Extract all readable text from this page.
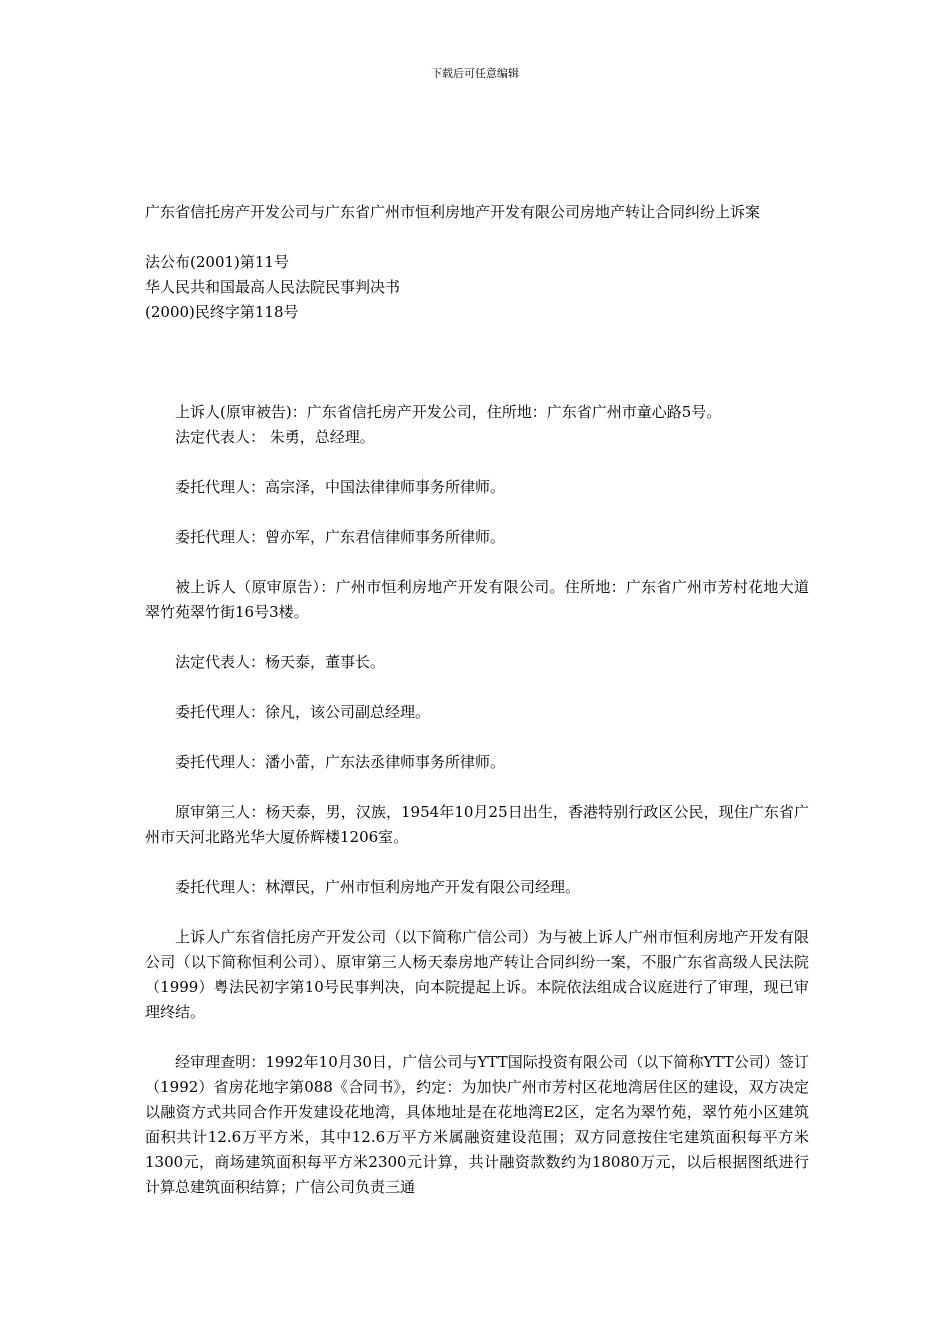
下载后可任意编辑
广东省信托房产开发公司与广东省广州市恒利房地产开发有限公司房地产转让合同纠纷上诉案
法公布(2001)第11号
华人民共和国最高人民法院民事判决书
(2000)民终字第118号

上诉人(原审被告)：广东省信托房产开发公司，住所地：广东省广州市童心路5号。

法定代表人： 朱勇，总经理。

委托代理人：高宗泽，中国法律律师事务所律师。

委托代理人：曾亦军，广东君信律师事务所律师。

被上诉人（原审原告）：广州市恒利房地产开发有限公司。住所地：广东省广州市芳村花地大道翠竹苑翠竹街16号3楼。

法定代表人：杨天泰，董事长。

委托代理人：徐凡，该公司副总经理。

委托代理人：潘小蕾，广东法丞律师事务所律师。

原审第三人：杨天泰，男，汉族，1954年10月25日出生，香港特别行政区公民，现住广东省广州市天河北路光华大厦侨辉楼1206室。

委托代理人：林潭民，广州市恒利房地产开发有限公司经理。

上诉人广东省信托房产开发公司（以下简称广信公司）为与被上诉人广州市恒利房地产开发有限公司（以下简称恒利公司）、原审第三人杨天泰房地产转让合同纠纷一案，不服广东省高级人民法院（1999）粤法民初字第10号民事判决，向本院提起上诉。本院依法组成合议庭进行了审理，现已审理终结。

经审理查明：1992年10月30日，广信公司与YTT国际投资有限公司（以下简称YTT公司）签订（1992）省房花地字第088《合同书》，约定：为加快广州市芳村区花地湾居住区的建设，双方决定以融资方式共同合作开发建设花地湾，具体地址是在花地湾E2区，定名为翠竹苑，翠竹苑小区建筑面积共计12.6万平方米，其中12.6万平方米属融资建设范围；双方同意按住宅建筑面积每平方米1300元，商场建筑面积每平方米2300元计算，共计融资款数约为18080万元，以后根据图纸进行计算总建筑面积结算；广信公司负责三通
